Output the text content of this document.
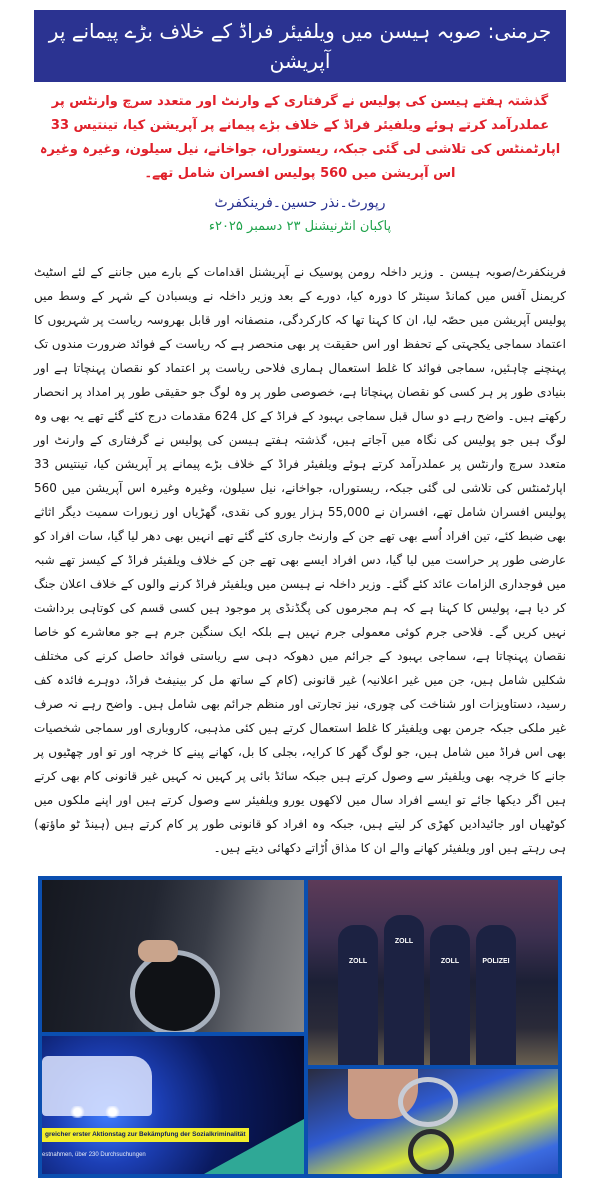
جرمنی: صوبہ ہیسن میں ویلفیئر فراڈ کے خلاف بڑے پیمانے پر آپریشن
گذشتہ ہفتے ہیسن کی پولیس نے گرفتاری کے وارنٹ اور متعدد سرچ وارنٹس پر عملدرآمد کرتے ہوئے ویلفیئر فراڈ کے خلاف بڑے پیمانے پر آپریشن کیا، تینتیس 33 اپارٹمنٹس کی تلاشی لی گئی جبکہ، ریستوراں، جواخانے، نیل سیلون، وغیرہ وغیرہ اس آپریشن میں 560 پولیس افسران شامل تھے۔
رپورٹ۔نذر حسین۔فرینکفرٹ
پاکبان انٹرنیشنل ۲۳ دسمبر ۲۰۲۵ء
فرینکفرٹ/صوبہ ہیسن ۔ وزیر داخلہ رومن پوسیک نے آپریشنل اقدامات کے بارے میں جاننے کے لئے اسٹیٹ کریمنل آفس میں کمانڈ سینٹر کا دورہ کیا، دورے کے بعد وزیر داخلہ نے ویسبادن کے شہر کے وسط میں پولیس آپریشن میں حصّہ لیا، ان کا کہنا تھا کہ کارکردگی، منصفانہ اور قابل بھروسہ ریاست پر شہریوں کا اعتماد سماجی یکجہتی کے تحفظ اور اس حقیقت پر بھی منحصر ہے کہ ریاست کے فوائد ضرورت مندوں تک پہنچنے چاہئیں، سماجی فوائد کا غلط استعمال ہماری فلاحی ریاست پر اعتماد کو نقصان پہنچاتا ہے اور بنیادی طور پر ہر کسی کو نقصان پہنچاتا ہے، خصوصی طور پر وہ لوگ جو حقیقی طور پر امداد پر انحصار رکھتے ہیں۔ واضح رہے دو سال قبل سماجی بہبود کے فراڈ کے کل 624 مقدمات درج کئے گئے تھے یہ بھی وہ لوگ ہیں جو پولیس کی نگاہ میں آجاتے ہیں، گذشتہ ہفتے ہیسن کی پولیس نے گرفتاری کے وارنٹ اور متعدد سرچ وارنٹس پر عملدرآمد کرتے ہوئے ویلفیئر فراڈ کے خلاف بڑے پیمانے پر آپریشن کیا، تینتیس 33 اپارٹمنٹس کی تلاشی لی گئی جبکہ، ریستوراں، جواخانے، نیل سیلون، وغیرہ وغیرہ اس آپریشن میں 560 پولیس افسران شامل تھے، افسران نے 55,000 ہزار یورو کی نقدی، گھڑیاں اور زیورات سمیت دیگر اثاثے بھی ضبط کئے، تین افراد اُسے بھی تھے جن کے وارنٹ جاری کئے گئے تھے انہیں بھی دھر لیا گیا، سات افراد کو عارضی طور پر حراست میں لیا گیا، دس افراد ایسے بھی تھے جن کے خلاف ویلفیئر فراڈ کے کیسز تھے شبہ میں فوجداری الزامات عائد کئے گئے۔ وزیر داخلہ نے ہیسن میں ویلفیئر فراڈ کرنے والوں کے خلاف اعلان جنگ کر دیا ہے، پولیس کا کہنا ہے کہ ہم مجرموں کی پگڈنڈی پر موجود ہیں کسی قسم کی کوتاہی برداشت نہیں کریں گے۔ فلاحی جرم کوئی معمولی جرم نہیں ہے بلکہ ایک سنگین جرم ہے جو معاشرے کو خاصا نقصان پہنچاتا ہے، سماجی بہبود کے جرائم میں دھوکہ دہی سے ریاستی فوائد حاصل کرنے کی مختلف شکلیں شامل ہیں، جن میں غیر اعلانیہ) غیر قانونی (کام کے ساتھ مل کر بینیفٹ فراڈ، دوہرے فائدہ کف رسید، دستاویزات اور شناخت کی چوری، نیز تجارتی اور منظم جرائم بھی شامل ہیں۔ واضح رہے نہ صرف غیر ملکی جبکہ جرمن بھی ویلفیئر کا غلط استعمال کرتے ہیں کئی مذہبی، کاروباری اور سماجی شخصیات بھی اس فراڈ میں شامل ہیں، جو لوگ گھر کا کرایہ، بجلی کا بل، کھانے پینے کا خرچہ اور تو اور چھٹیوں پر جانے کا خرچہ بھی ویلفیئر سے وصول کرتے ہیں جبکہ سائڈ بائی پر کہیں نہ کہیں غیر قانونی کام بھی کرتے ہیں اگر دیکھا جائے تو ایسے افراد سال میں لاکھوں یورو ویلفیئر سے وصول کرتے ہیں اور اپنے ملکوں میں کوٹھیاں اور جائیدادیں کھڑی کر لیتے ہیں، جبکہ وہ افراد کو قانونی طور پر کام کرتے ہیں (ہینڈ ٹو ماؤتھ) ہی رہتے ہیں اور ویلفیئر کھانے والے ان کا مذاق اُڑاتے دکھائی دیتے ہیں۔
ZOLL
ZOLL
ZOLL	POLIZEI
greicher erster Aktionstag zur Bekämpfung der Sozialkriminalität
estnahmen, über 230 Durchsuchungen
